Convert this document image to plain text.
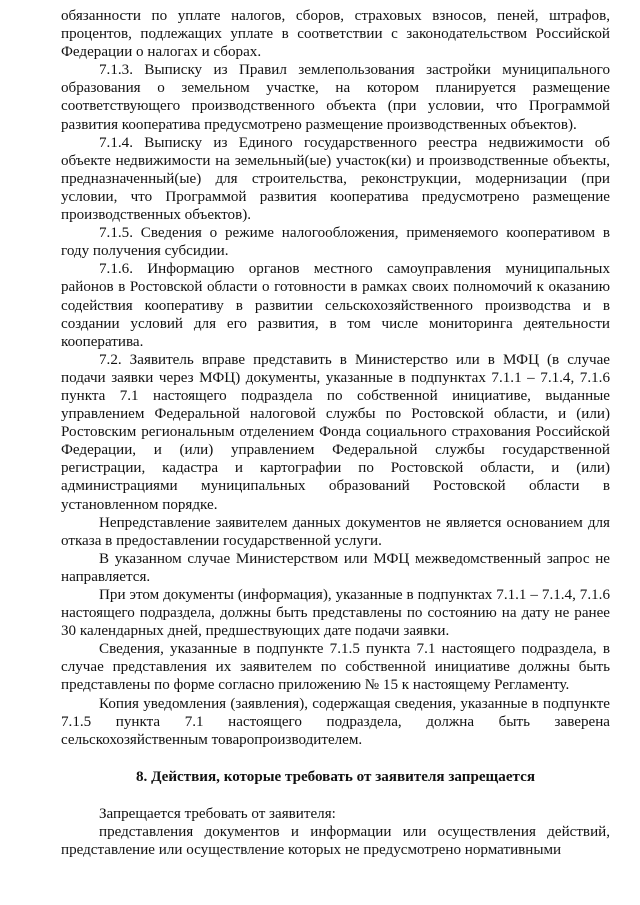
обязанности по уплате налогов, сборов, страховых взносов, пеней, штрафов, процентов, подлежащих уплате в соответствии с законодательством Российской Федерации о налогах и сборах.

7.1.3. Выписку из Правил землепользования застройки муниципального образования о земельном участке, на котором планируется размещение соответствующего производственного объекта (при условии, что Программой развития кооператива предусмотрено размещение производственных объектов).

7.1.4. Выписку из Единого государственного реестра недвижимости об объекте недвижимости на земельный(ые) участок(ки) и производственные объекты, предназначенный(ые) для строительства, реконструкции, модернизации (при условии, что Программой развития кооператива предусмотрено размещение производственных объектов).

7.1.5. Сведения о режиме налогообложения, применяемого кооперативом в году получения субсидии.

7.1.6. Информацию органов местного самоуправления муниципальных районов в Ростовской области о готовности в рамках своих полномочий к оказанию содействия кооперативу в развитии сельскохозяйственного производства и в создании условий для его развития, в том числе мониторинга деятельности кооператива.

7.2. Заявитель вправе представить в Министерство или в МФЦ (в случае подачи заявки через МФЦ) документы, указанные в подпунктах 7.1.1 – 7.1.4, 7.1.6 пункта 7.1 настоящего подраздела по собственной инициативе, выданные управлением Федеральной налоговой службы по Ростовской области, и (или) Ростовским региональным отделением Фонда социального страхования Российской Федерации, и (или) управлением Федеральной службы государственной регистрации, кадастра и картографии по Ростовской области, и (или) администрациями муниципальных образований Ростовской области в установленном порядке.

Непредставление заявителем данных документов не является основанием для отказа в предоставлении государственной услуги.

В указанном случае Министерством или МФЦ межведомственный запрос не направляется.

При этом документы (информация), указанные в подпунктах 7.1.1 – 7.1.4, 7.1.6 настоящего подраздела, должны быть представлены по состоянию на дату не ранее 30 календарных дней, предшествующих дате подачи заявки.

Сведения, указанные в подпункте 7.1.5 пункта 7.1 настоящего подраздела, в случае представления их заявителем по собственной инициативе должны быть представлены по форме согласно приложению № 15 к настоящему Регламенту.

Копия уведомления (заявления), содержащая сведения, указанные в подпункте 7.1.5 пункта 7.1 настоящего подраздела, должна быть заверена сельскохозяйственным товаропроизводителем.

8. Действия, которые требовать от заявителя запрещается

Запрещается требовать от заявителя:

представления документов и информации или осуществления действий, представление или осуществление которых не предусмотрено нормативными
